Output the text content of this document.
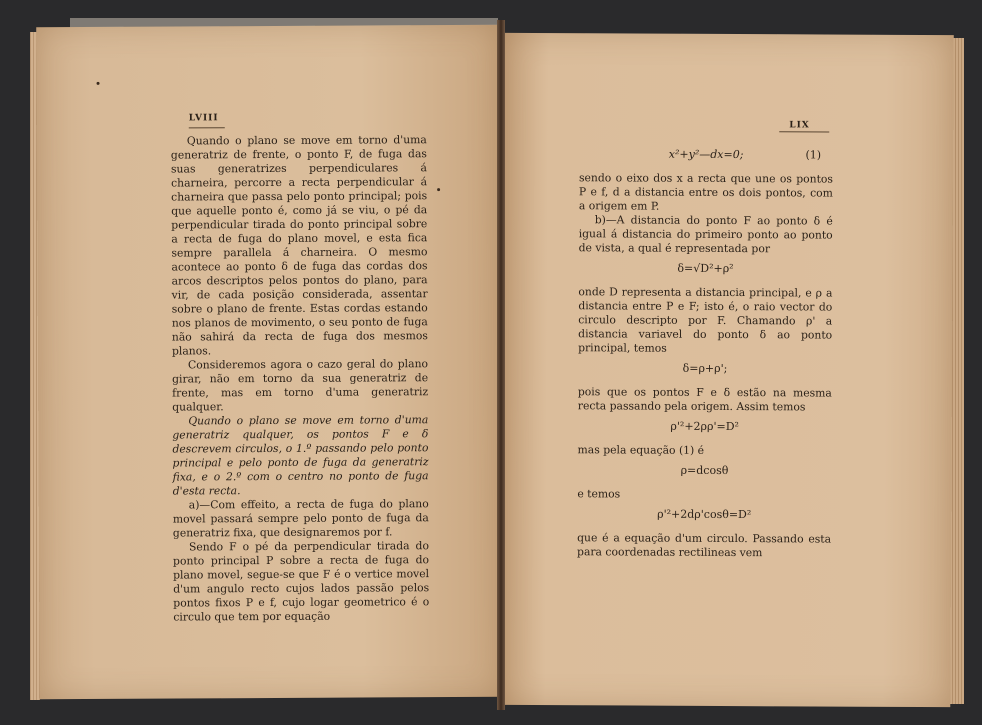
LVIII

Quando o plano se move em torno d'uma generatriz de frente, o ponto F, de fuga das suas generatrizes perpendiculares á charneira, percorre a recta perpendicular á charneira que passa pelo ponto principal; pois que aquelle ponto é, como já se viu, o pé da perpendicular tirada do ponto principal sobre a recta de fuga do plano movel, e esta fica sempre parallela á charneira. O mesmo acontece ao ponto δ de fuga das cordas dos arcos descriptos pelos pontos do plano, para vir, de cada posição considerada, assentar sobre o plano de frente. Estas cordas estando nos planos de movimento, o seu ponto de fuga não sahirá da recta de fuga dos mesmos planos.

Consideremos agora o cazo geral do plano girar, não em torno da sua generatriz de frente, mas em torno d'uma generatriz qualquer.

Quando o plano se move em torno d'uma generatriz qualquer, os pontos F e δ descrevem circulos, o 1.º passando pelo ponto principal e pelo ponto de fuga da generatriz fixa, e o 2.º com o centro no ponto de fuga d'esta recta.

a)—Com effeito, a recta de fuga do plano movel passará sempre pelo ponto de fuga da generatriz fixa, que designaremos por f.

Sendo F o pé da perpendicular tirada do ponto principal P sobre a recta de fuga do plano movel, segue-se que F é o vertice movel d'um angulo recto cujos lados passão pelos pontos fixos P e f, cujo logar geometrico é o circulo que tem por equação

LIX
x²+y²—dx=0;	(1)

sendo o eixo dos x a recta que une os pontos P e f, d a distancia entre os dois pontos, com a origem em P.

b)—A distancia do ponto F ao ponto δ é igual á distancia do primeiro ponto ao ponto de vista, a qual é representada por

δ=√D²+ρ²

onde D representa a distancia principal, e ρ a distancia entre P e F; isto é, o raio vector do circulo descripto por F. Chamando ρ' a distancia variavel do ponto δ ao ponto principal, temos

δ=ρ+ρ';

pois que os pontos F e δ estão na mesma recta passando pela origem. Assim temos

ρ'²+2ρρ'=D²

mas pela equação (1) é

ρ=dcosθ

e temos

ρ'²+2dρ'cosθ=D²

que é a equação d'um circulo. Passando esta para coordenadas rectilineas vem
